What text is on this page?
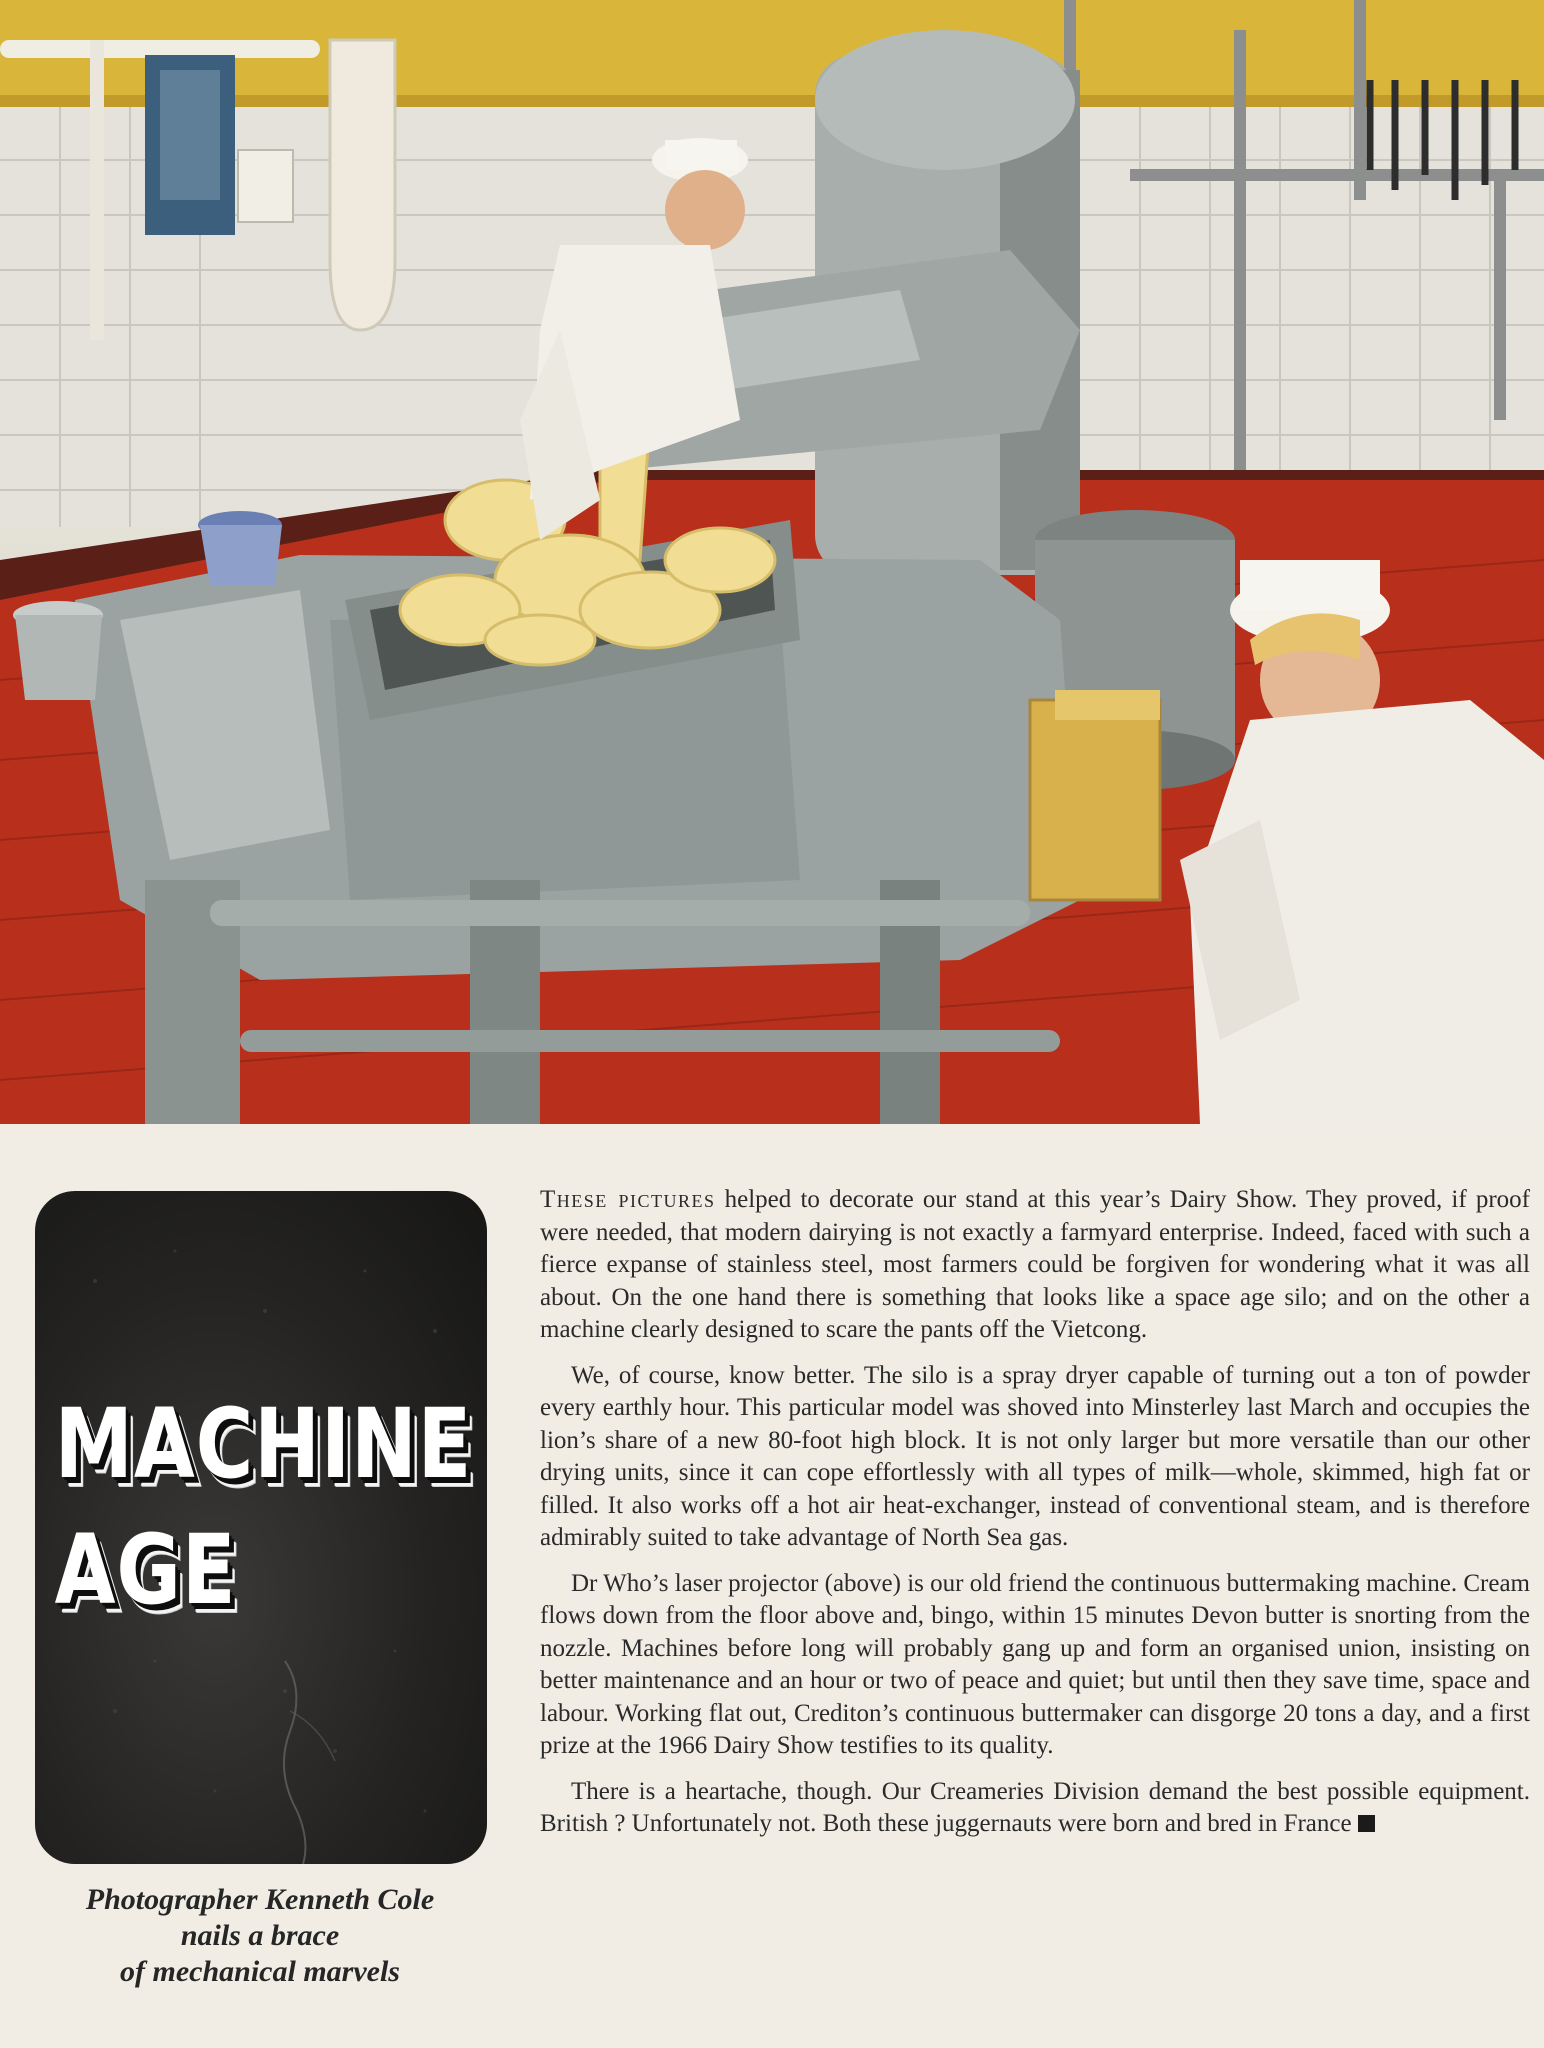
MACHINE
AGE

Photographer Kenneth Cole
nails a brace
of mechanical marvels

These pictures helped to decorate our stand at this year’s Dairy Show. They proved, if proof were needed, that modern dairying is not exactly a farmyard enterprise. Indeed, faced with such a fierce expanse of stainless steel, most farmers could be forgiven for wondering what it was all about. On the one hand there is something that looks like a space age silo; and on the other a machine clearly designed to scare the pants off the Vietcong.

We, of course, know better. The silo is a spray dryer capable of turning out a ton of powder every earthly hour. This particular model was shoved into Minsterley last March and occupies the lion’s share of a new 80-foot high block. It is not only larger but more versatile than our other drying units, since it can cope effortlessly with all types of milk—whole, skimmed, high fat or filled. It also works off a hot air heat-exchanger, instead of conventional steam, and is therefore admirably suited to take advantage of North Sea gas.

Dr Who’s laser projector (above) is our old friend the continuous buttermaking machine. Cream flows down from the floor above and, bingo, within 15 minutes Devon butter is snorting from the nozzle. Machines before long will probably gang up and form an organised union, insisting on better maintenance and an hour or two of peace and quiet; but until then they save time, space and labour. Working flat out, Crediton’s continuous buttermaker can disgorge 20 tons a day, and a first prize at the 1966 Dairy Show testifies to its quality.

There is a heartache, though. Our Creameries Division demand the best possible equipment. British ? Unfortunately not. Both these juggernauts were born and bred in France
